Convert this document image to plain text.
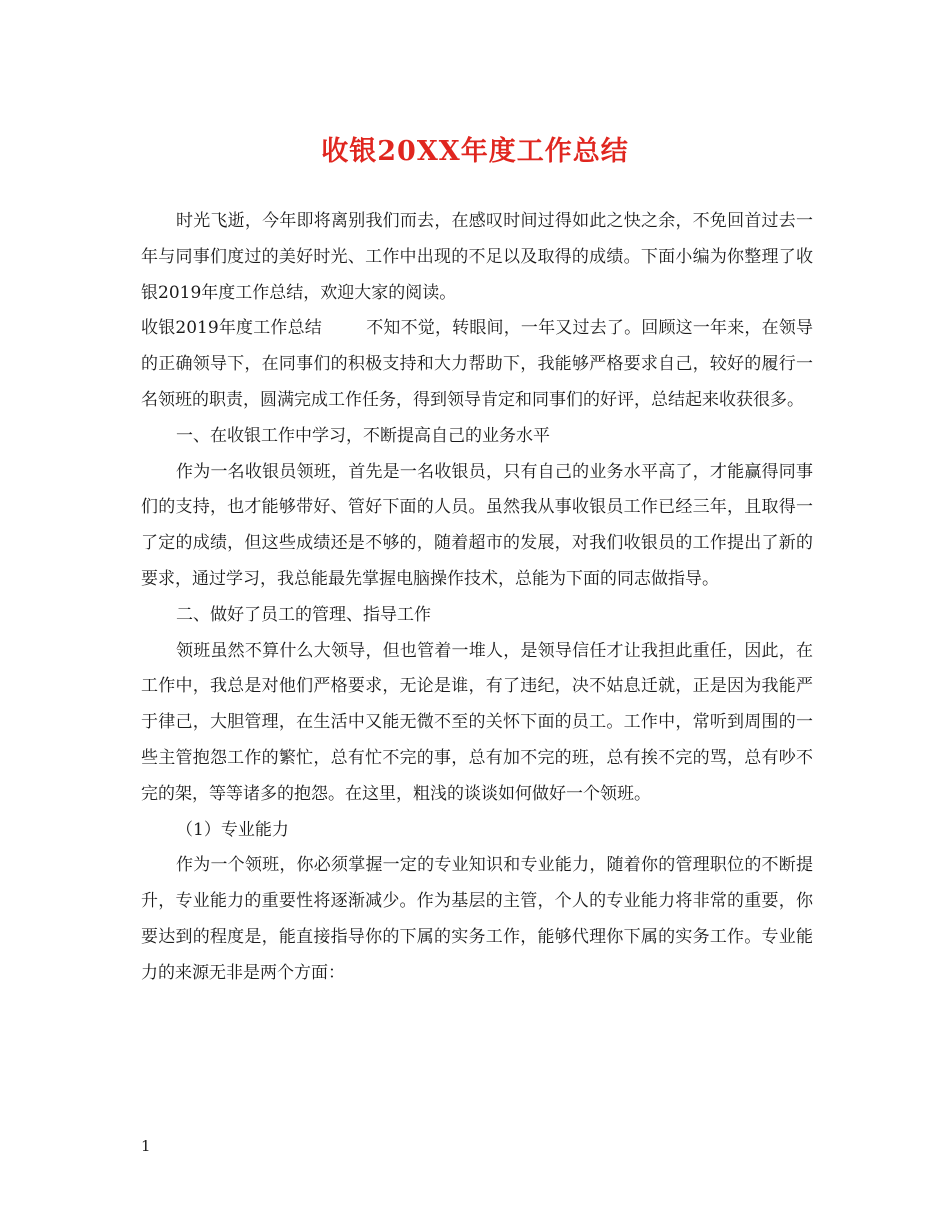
收银20XX年度工作总结

时光飞逝，今年即将离别我们而去，在感叹时间过得如此之快之余，不免回首过去一年与同事们度过的美好时光、工作中出现的不足以及取得的成绩。下面小编为你整理了收银2019年度工作总结，欢迎大家的阅读。

收银2019年度工作总结	不知不觉，转眼间，一年又过去了。回顾这一年来，在领导的正确领导下，在同事们的积极支持和大力帮助下，我能够严格要求自己，较好的履行一名领班的职责，圆满完成工作任务，得到领导肯定和同事们的好评，总结起来收获很多。

一、在收银工作中学习，不断提高自己的业务水平

作为一名收银员领班，首先是一名收银员，只有自己的业务水平高了，才能赢得同事们的支持，也才能够带好、管好下面的人员。虽然我从事收银员工作已经三年，且取得一了定的成绩，但这些成绩还是不够的，随着超市的发展，对我们收银员的工作提出了新的要求，通过学习，我总能最先掌握电脑操作技术，总能为下面的同志做指导。

二、做好了员工的管理、指导工作

领班虽然不算什么大领导，但也管着一堆人，是领导信任才让我担此重任，因此，在工作中，我总是对他们严格要求，无论是谁，有了违纪，决不姑息迁就，正是因为我能严于律己，大胆管理，在生活中又能无微不至的关怀下面的员工。工作中，常听到周围的一些主管抱怨工作的繁忙，总有忙不完的事，总有加不完的班，总有挨不完的骂，总有吵不完的架，等等诸多的抱怨。在这里，粗浅的谈谈如何做好一个领班。

（1）专业能力

作为一个领班，你必须掌握一定的专业知识和专业能力，随着你的管理职位的不断提升，专业能力的重要性将逐渐减少。作为基层的主管，个人的专业能力将非常的重要，你要达到的程度是，能直接指导你的下属的实务工作，能够代理你下属的实务工作。专业能力的来源无非是两个方面：

1
